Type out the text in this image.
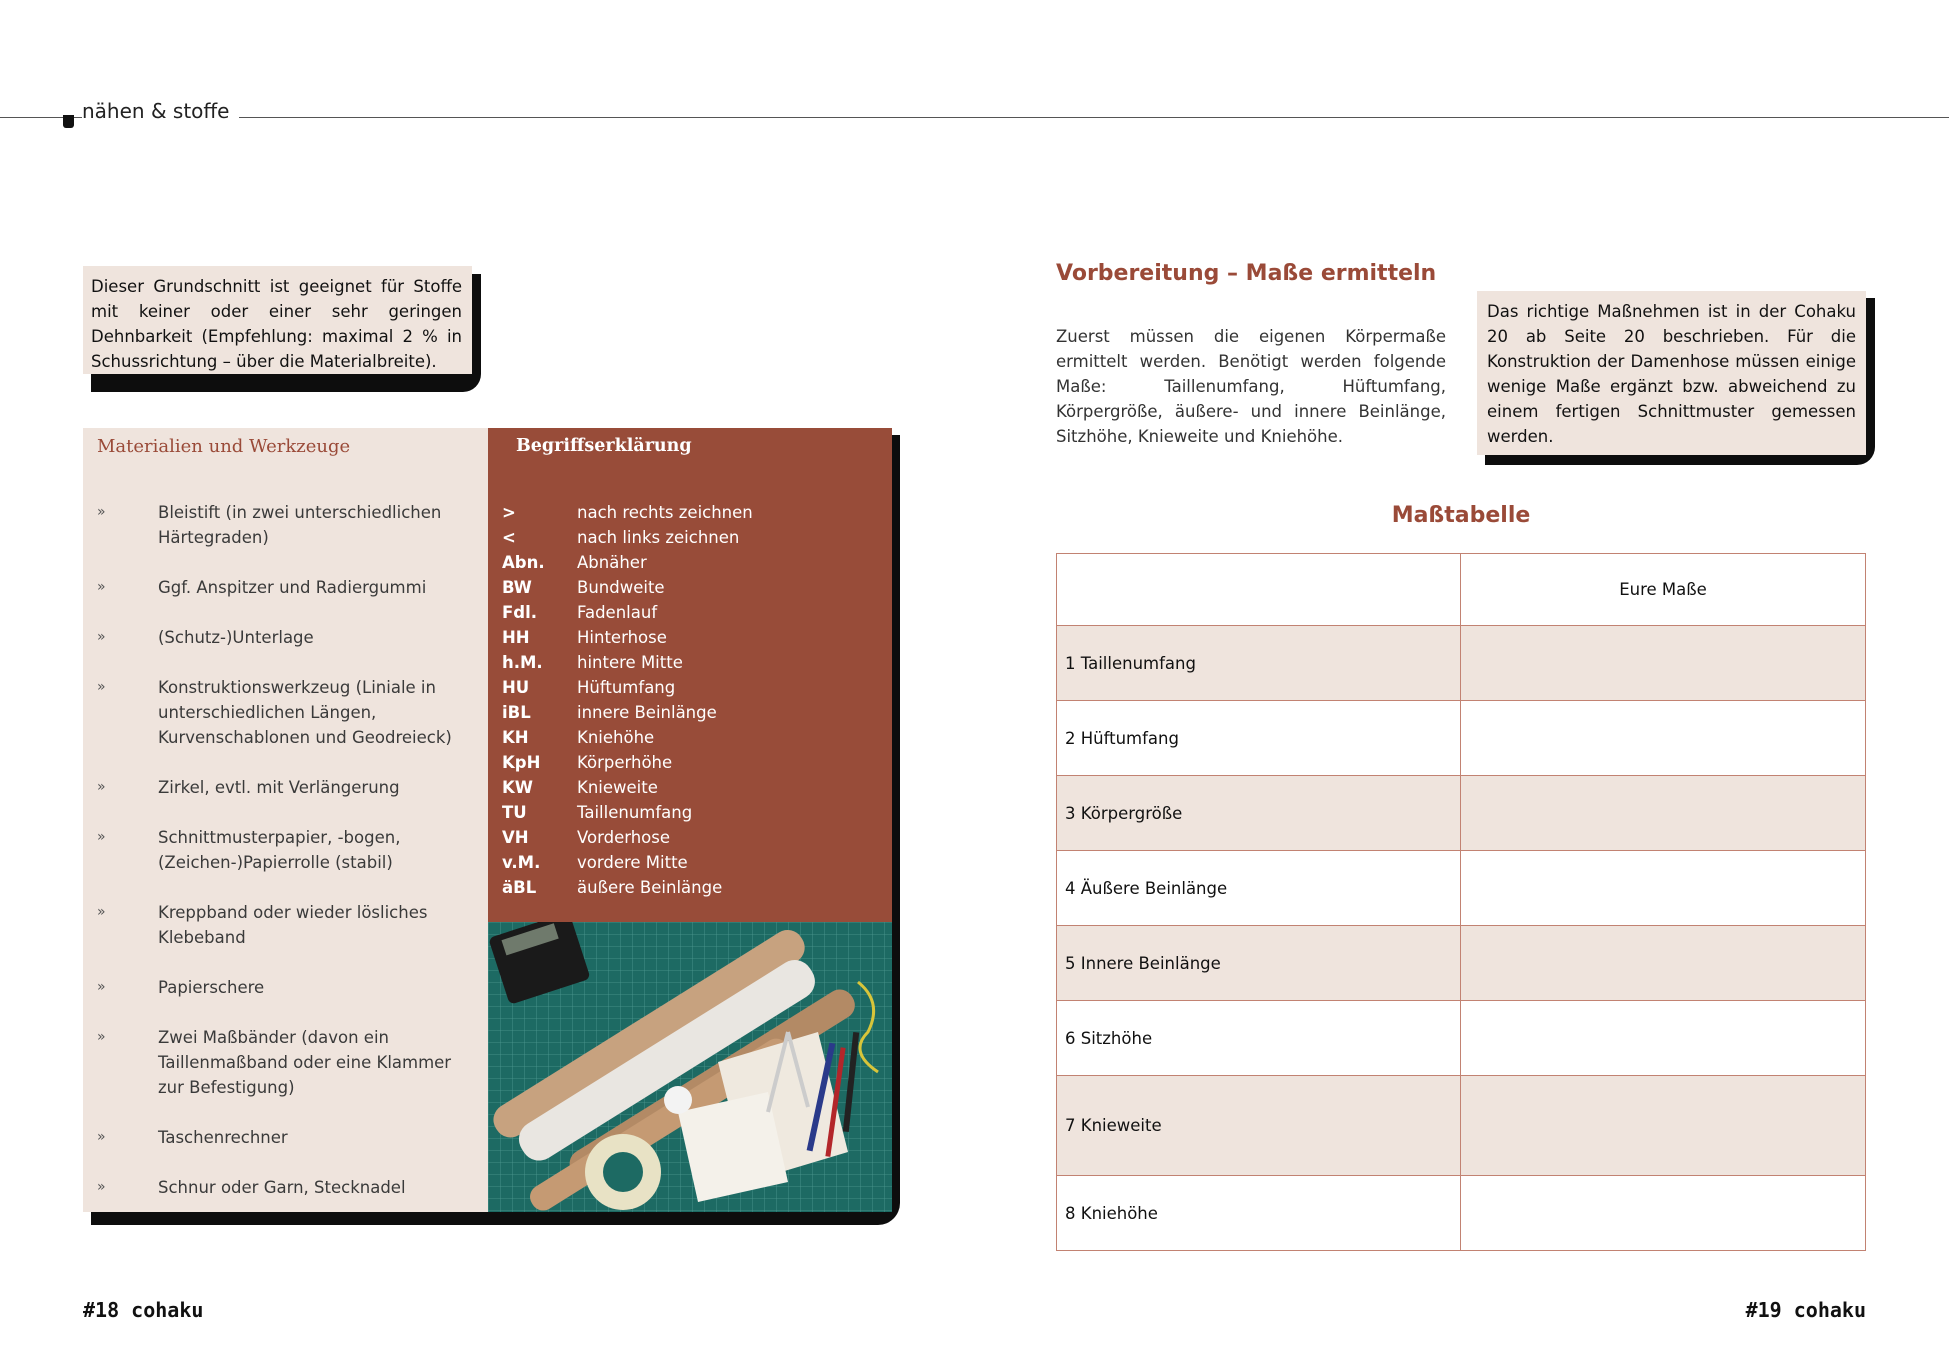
nähen & stoffe
Dieser Grundschnitt ist geeignet für Stoffe mit keiner oder einer sehr geringen Dehnbarkeit (Empfehlung: maximal 2 % in Schussrichtung – über die Materialbreite).
Materialien und Werkzeuge
»	Bleistift (in zwei unterschiedlichen Härtegraden)
»	Ggf. Anspitzer und Radiergummi
»	(Schutz-)Unterlage
»	Konstruktionswerkzeug (Liniale in unterschiedlichen Längen, Kurvenschablonen und Geodreieck)
»	Zirkel, evtl. mit Verlängerung
»	Schnittmusterpapier, -bogen, (Zeichen-)Papierrolle (stabil)
»	Kreppband oder wieder lösliches Klebeband
»	Papierschere
»	Zwei Maßbänder (davon ein Taillenmaßband oder eine Klammer zur Befestigung)
»	Taschenrechner
»	Schnur oder Garn, Stecknadel
Begriffserklärung
>	nach rechts zeichnen
<	nach links zeichnen
Abn.	Abnäher
BW	Bundweite
Fdl.	Fadenlauf
HH	Hinterhose
h.M.	hintere Mitte
HU	Hüftumfang
iBL	innere Beinlänge
KH	Kniehöhe
KpH	Körperhöhe
KW	Knieweite
TU	Taillenumfang
VH	Vorderhose
v.M.	vordere Mitte
äBL	äußere Beinlänge
Vorbereitung – Maße ermitteln
Zuerst müssen die eigenen Körpermaße ermittelt werden. Benötigt werden folgende Maße: Taillenumfang, Hüftumfang, Körpergröße, äußere- und innere Beinlänge, Sitzhöhe, Knieweite und Kniehöhe.
Das richtige Maßnehmen ist in der Cohaku 20 ab Seite 20 beschrieben. Für die Konstruktion der Damenhose müssen einige wenige Maße ergänzt bzw. abweichend zu einem fertigen Schnittmuster gemessen werden.
Maßtabelle
	Eure Maße
1 Taillenumfang	
2 Hüftumfang	
3 Körpergröße	
4 Äußere Beinlänge	
5 Innere Beinlänge	
6 Sitzhöhe	
7 Knieweite	
8 Kniehöhe	
#18 cohaku	#19 cohaku
